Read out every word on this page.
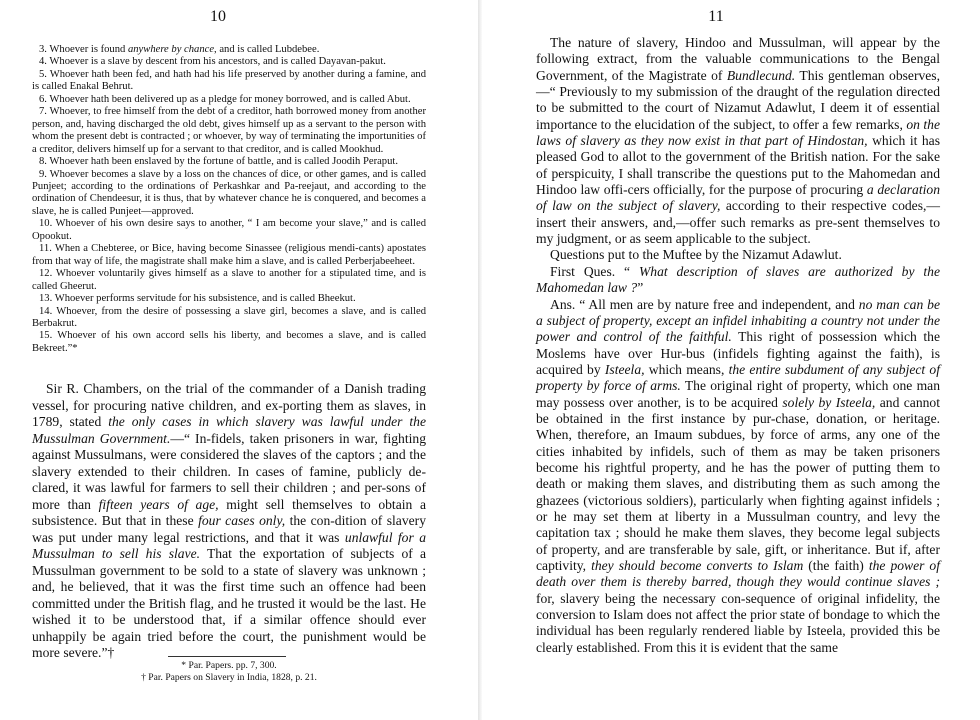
10

3. Whoever is found anywhere by chance, and is called Lubdebee.

4. Whoever is a slave by descent from his ancestors, and is called Dayavan-pakut.

5. Whoever hath been fed, and hath had his life preserved by another during a famine, and is called Enakal Behrut.

6. Whoever hath been delivered up as a pledge for money borrowed, and is called Abut.

7. Whoever, to free himself from the debt of a creditor, hath borrowed money from another person, and, having discharged the old debt, gives himself up as a servant to the person with whom the present debt is contracted ; or whoever, by way of terminating the importunities of a creditor, delivers himself up for a servant to that creditor, and is called Mookhud.

8. Whoever hath been enslaved by the fortune of battle, and is called Joodih Peraput.

9. Whoever becomes a slave by a loss on the chances of dice, or other games, and is called Punjeet; according to the ordinations of Perkashkar and Pa-reejaut, and according to the ordination of Chendeesur, it is thus, that by whatever chance he is conquered, and becomes a slave, he is called Punjeet—approved.

10. Whoever of his own desire says to another, “ I am become your slave,” and is called Opookut.

11. When a Chebteree, or Bice, having become Sinassee (religious mendi-cants) apostates from that way of life, the magistrate shall make him a slave, and is called Perberjabeeheet.

12. Whoever voluntarily gives himself as a slave to another for a stipulated time, and is called Gheerut.

13. Whoever performs servitude for his subsistence, and is called Bheekut.

14. Whoever, from the desire of possessing a slave girl, becomes a slave, and is called Berbakrut.

15. Whoever of his own accord sells his liberty, and becomes a slave, and is called Bekreet.”*

Sir R. Chambers, on the trial of the commander of a Danish trading vessel, for procuring native children, and ex-porting them as slaves, in 1789, stated the only cases in which slavery was lawful under the Mussulman Government.—“ In-fidels, taken prisoners in war, fighting against Mussulmans, were considered the slaves of the captors ; and the slavery extended to their children. In cases of famine, publicly de-clared, it was lawful for farmers to sell their children ; and per-sons of more than fifteen years of age, might sell themselves to obtain a subsistence. But that in these four cases only, the con-dition of slavery was put under many legal restrictions, and that it was unlawful for a Mussulman to sell his slave. That the exportation of subjects of a Mussulman government to be sold to a state of slavery was unknown ; and, he believed, that it was the first time such an offence had been committed under the British flag, and he trusted it would be the last. He wished it to be understood that, if a similar offence should ever unhappily be again tried before the court, the punishment would be more severe.”†

* Par. Papers. pp. 7, 300.

† Par. Papers on Slavery in India, 1828, p. 21.

11

The nature of slavery, Hindoo and Mussulman, will appear by the following extract, from the valuable communications to the Bengal Government, of the Magistrate of Bundlecund. This gentleman observes,—“ Previously to my submission of the draught of the regulation directed to be submitted to the court of Nizamut Adawlut, I deem it of essential importance to the elucidation of the subject, to offer a few remarks, on the laws of slavery as they now exist in that part of Hindostan, which it has pleased God to allot to the government of the British nation. For the sake of perspicuity, I shall transcribe the questions put to the Mahomedan and Hindoo law offi-cers officially, for the purpose of procuring a declaration of law on the subject of slavery, according to their respective codes,—insert their answers, and,—offer such remarks as pre-sent themselves to my judgment, or as seem applicable to the subject.

Questions put to the Muftee by the Nizamut Adawlut.

First Ques. “ What description of slaves are authorized by the Mahomedan law ?”

Ans. “ All men are by nature free and independent, and no man can be a subject of property, except an infidel inhabiting a country not under the power and control of the faithful. This right of possession which the Moslems have over Hur-bus (infidels fighting against the faith), is acquired by Isteela, which means, the entire subdument of any subject of property by force of arms. The original right of property, which one man may possess over another, is to be acquired solely by Isteela, and cannot be obtained in the first instance by pur-chase, donation, or heritage. When, therefore, an Imaum subdues, by force of arms, any one of the cities inhabited by infidels, such of them as may be taken prisoners become his rightful property, and he has the power of putting them to death or making them slaves, and distributing them as such among the ghazees (victorious soldiers), particularly when fighting against infidels ; or he may set them at liberty in a Mussulman country, and levy the capitation tax ; should he make them slaves, they become legal subjects of property, and are transferable by sale, gift, or inheritance. But if, after captivity, they should become converts to Islam (the faith) the power of death over them is thereby barred, though they would continue slaves ; for, slavery being the necessary con-sequence of original infidelity, the conversion to Islam does not affect the prior state of bondage to which the individual has been regularly rendered liable by Isteela, provided this be clearly established. From this it is evident that the same
